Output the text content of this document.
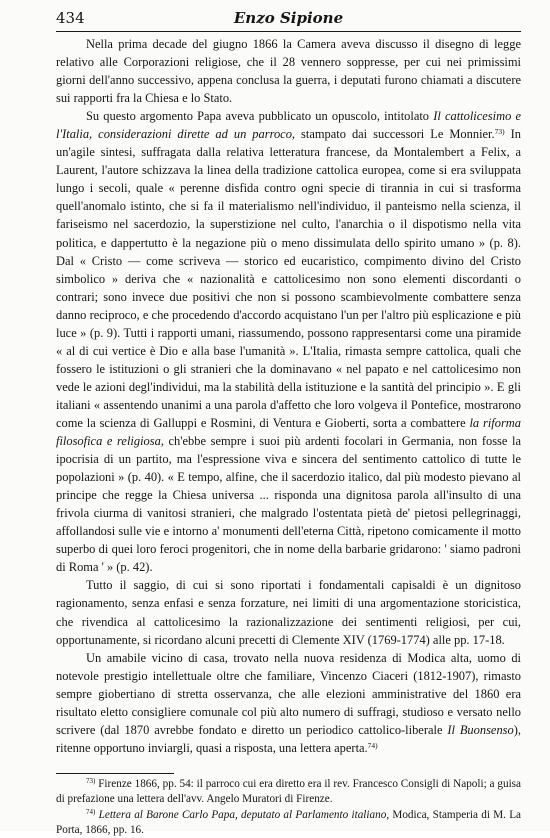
434	Enzo Sipione

Nella prima decade del giugno 1866 la Camera aveva discusso il disegno di legge relativo alle Corporazioni religiose, che il 28 vennero soppresse, per cui nei primissimi giorni dell'anno successivo, appena conclusa la guerra, i deputati furono chiamati a discutere sui rapporti fra la Chiesa e lo Stato.

Su questo argomento Papa aveva pubblicato un opuscolo, intitolato Il cattolicesimo e l'Italia, considerazioni dirette ad un parroco, stampato dai successori Le Monnier.$^{73)}$ In un'agile sintesi, suffragata dalla relativa letteratura francese, da Montalembert a Felix, a Laurent, l'autore schizzava la linea della tradizione cattolica europea, come si era sviluppata lungo i secoli, quale « perenne disfida contro ogni specie di tirannia in cui si trasforma quell'anomalo istinto, che si fa il materialismo nell'individuo, il panteismo nella scienza, il fariseismo nel sacerdozio, la superstizione nel culto, l'anarchia o il dispotismo nella vita politica, e dappertutto è la negazione più o meno dissimulata dello spirito umano » (p. 8). Dal « Cristo — come scriveva — storico ed eucaristico, compimento divino del Cristo simbolico » deriva che « nazionalità e cattolicesimo non sono elementi discordanti o contrari; sono invece due positivi che non si possono scambievolmente combattere senza danno reciproco, e che procedendo d'accordo acquistano l'un per l'altro più esplicazione e più luce » (p. 9). Tutti i rapporti umani, riassumendo, possono rappresentarsi come una piramide « al di cui vertice è Dio e alla base l'umanità ». L'Italia, rimasta sempre cattolica, quali che fossero le istituzioni o gli stranieri che la dominavano « nel papato e nel cattolicesimo non vede le azioni degl'individui, ma la stabilità della istituzione e la santità del principio ». E gli italiani « assentendo unanimi a una parola d'affetto che loro volgeva il Pontefice, mostrarono come la scienza di Galluppi e Rosmini, di Ventura e Gioberti, sorta a combattere la riforma filosofica e religiosa, ch'ebbe sempre i suoi più ardenti focolari in Germania, non fosse la ipocrisia di un partito, ma l'espressione viva e sincera del sentimento cattolico di tutte le popolazioni » (p. 40). « E tempo, alfine, che il sacerdozio italico, dal più modesto pievano al principe che regge la Chiesa universa ... risponda una dignitosa parola all'insulto di una frivola ciurma di vanitosi stranieri, che malgrado l'ostentata pietà de' pietosi pellegrinaggi, affollandosi sulle vie e intorno a' monumenti dell'eterna Città, ripetono comicamente il motto superbo di quei loro feroci progenitori, che in nome della barbarie gridarono: ' siamo padroni di Roma ' » (p. 42).

Tutto il saggio, di cui si sono riportati i fondamentali capisaldi è un dignitoso ragionamento, senza enfasi e senza forzature, nei limiti di una argomentazione storicistica, che rivendica al cattolicesimo la razionalizzazione dei sentimenti religiosi, per cui, opportunamente, si ricordano alcuni precetti di Clemente XIV (1769-1774) alle pp. 17-18.

Un amabile vicino di casa, trovato nella nuova residenza di Modica alta, uomo di notevole prestigio intellettuale oltre che familiare, Vincenzo Ciaceri (1812-1907), rimasto sempre giobertiano di stretta osservanza, che alle elezioni amministrative del 1860 era risultato eletto consigliere comunale col più alto numero di suffragi, studioso e versato nello scrivere (dal 1870 avrebbe fondato e diretto un periodico cattolico-liberale Il Buonsenso), ritenne opportuno inviargli, quasi a risposta, una lettera aperta.$^{74)}$

$^{73)}$ Firenze 1866, pp. 54: il parroco cui era diretto era il rev. Francesco Consigli di Napoli; a guisa di prefazione una lettera dell'avv. Angelo Muratori di Firenze.

$^{74)}$ Lettera al Barone Carlo Papa, deputato al Parlamento italiano, Modica, Stamperia di M. La Porta, 1866, pp. 16.
